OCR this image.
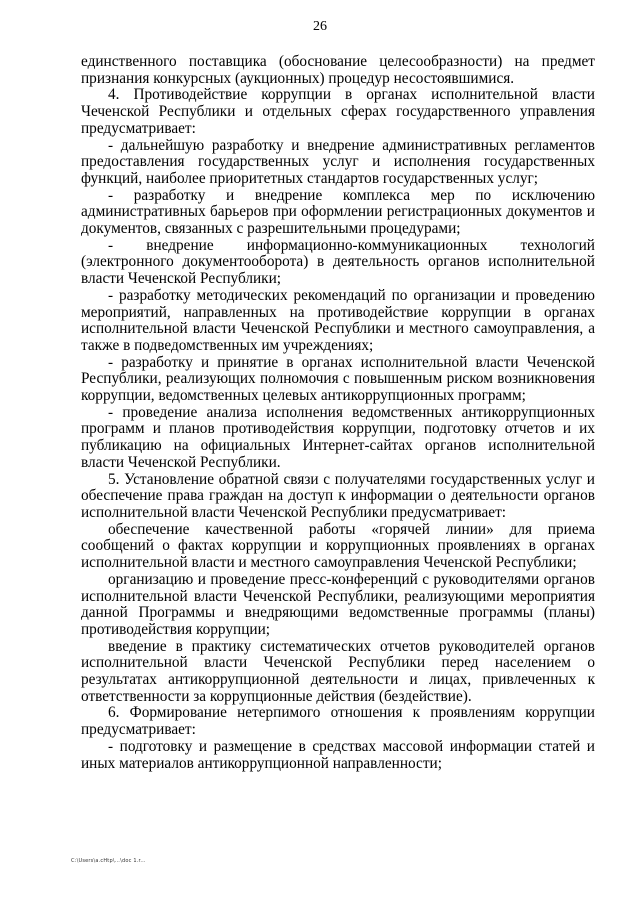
26

единственного поставщика (обоснование целесообразности) на предмет признания конкурсных (аукционных) процедур несостоявшимися.

4. Противодействие коррупции в органах исполнительной власти Чеченской Республики и отдельных сферах государственного управления предусматривает:

- дальнейшую разработку и внедрение административных регламентов предоставления государственных услуг и исполнения государственных функций, наиболее приоритетных стандартов государственных услуг;

- разработку и внедрение комплекса мер по исключению административных барьеров при оформлении регистрационных документов и документов, связанных с разрешительными процедурами;

- внедрение информационно-коммуникационных технологий (электронного документооборота) в деятельность органов исполнительной власти Чеченской Республики;

- разработку методических рекомендаций по организации и проведению мероприятий, направленных на противодействие коррупции в органах исполнительной власти Чеченской Республики и местного самоуправления, а также в подведомственных им учреждениях;

- разработку и принятие в органах исполнительной власти Чеченской Республики, реализующих полномочия с повышенным риском возникновения коррупции, ведомственных целевых антикоррупционных программ;

- проведение анализа исполнения ведомственных антикоррупционных программ и планов противодействия коррупции, подготовку отчетов и их публикацию на официальных Интернет-сайтах органов исполнительной власти Чеченской Республики.

5. Установление обратной связи с получателями государственных услуг и обеспечение права граждан на доступ к информации о деятельности органов исполнительной власти Чеченской Республики предусматривает:

обеспечение качественной работы «горячей линии» для приема сообщений о фактах коррупции и коррупционных проявлениях в органах исполнительной власти и местного самоуправления Чеченской Республики;

организацию и проведение пресс-конференций с руководителями органов исполнительной власти Чеченской Республики, реализующими мероприятия данной Программы и внедряющими ведомственные программы (планы) противодействия коррупции;

введение в практику систематических отчетов руководителей органов исполнительной власти Чеченской Республики перед населением о результатах антикоррупционной деятельности и лицах, привлеченных к ответственности за коррупционные действия (бездействие).

6. Формирование нетерпимого отношения к проявлениям коррупции предусматривает:

- подготовку и размещение в средствах массовой информации статей и иных материалов антикоррупционной направленности;

C:\Users\a.cHtp\...\doc 1.r...
